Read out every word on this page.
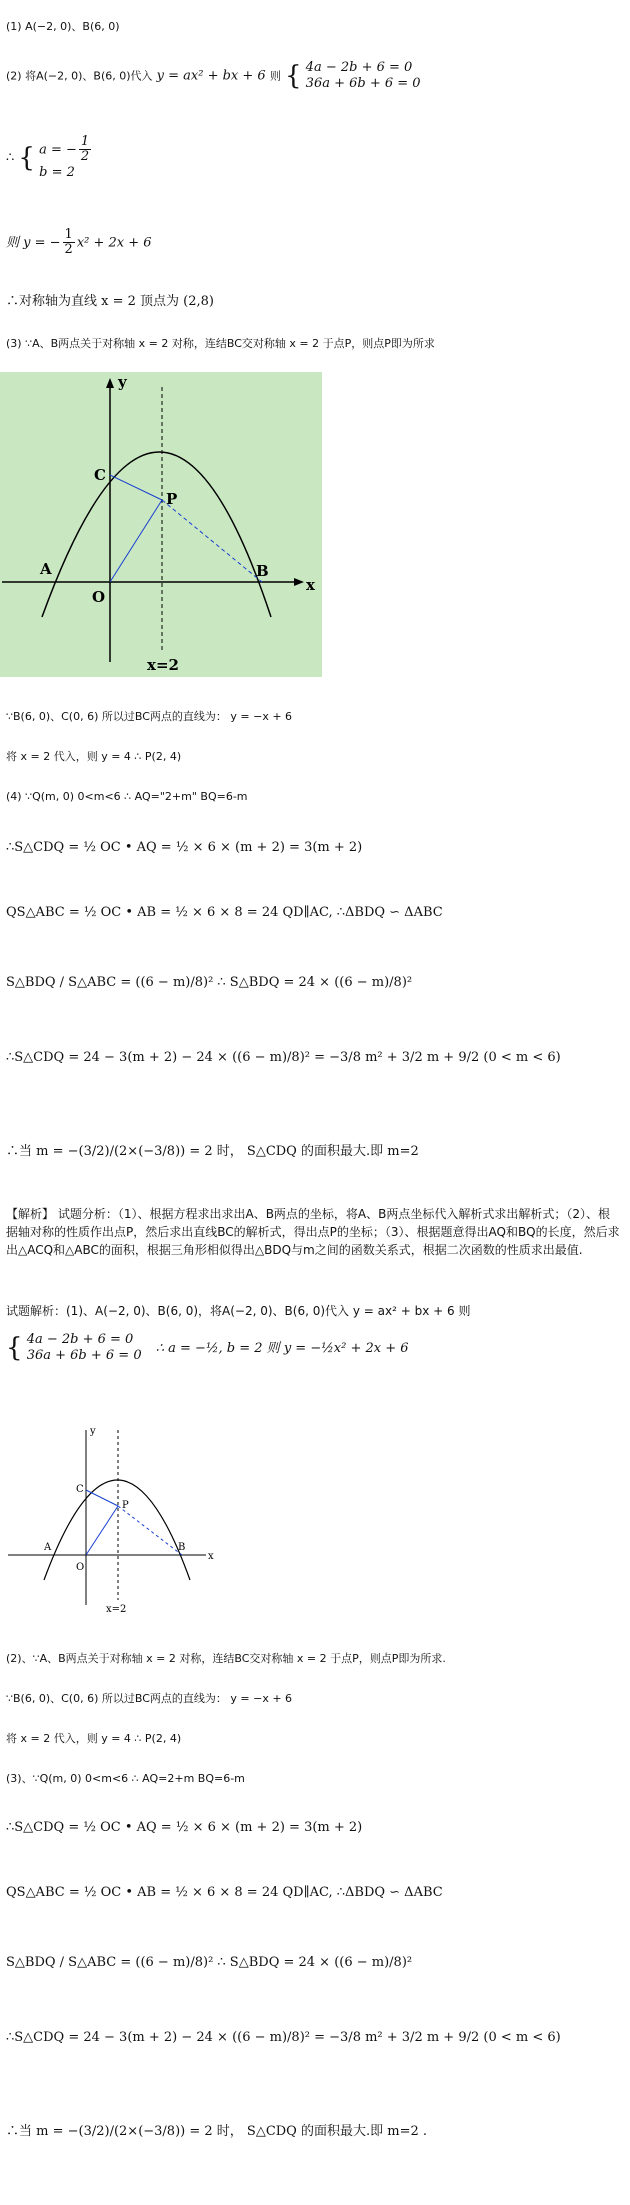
(1) A(−2, 0)、B(6, 0)
(2) 将A(−2, 0)、B(6, 0)代入 y = ax² + bx + 6 则 { 4a − 2b + 6 = 0
36a + 6b + 6 = 0
∴ { a = − $\frac{1}{2}$
b = 2
则 y = − $\frac{1}{2} x^2 + 2x + 6$
∴对称轴为直线 x = 2 顶点为 (2,8)
(3) ∵A、B两点关于对称轴 x = 2 对称，连结BC交对称轴 x = 2 于点P，则点P即为所求
y
x
A	B
C
O
P
x=2
∵B(6, 0)、C(0, 6) 所以过BC两点的直线为： y = −x + 6
将 x = 2 代入，则 y = 4 ∴ P(2, 4)
(4) ∵Q(m, 0) 0<m<6 ∴ AQ="2+m" BQ=6-m
∴S△CDQ = ½ OC • AQ = ½ × 6 × (m + 2) = 3(m + 2)
QS△ABC = ½ OC • AB = ½ × 6 × 8 = 24 QD∥AC, ∴ΔBDQ ∽ ΔABC
S△BDQ / S△ABC = ((6 − m)/8)² ∴ S△BDQ = 24 × ((6 − m)/8)²
∴S△CDQ = 24 − 3(m + 2) − 24 × ((6 − m)/8)² = −3/8 m² + 3/2 m + 9/2 (0 < m < 6)
∴当 m = −(3/2)/(2×(−3/8)) = 2 时， S△CDQ 的面积最大.即 m=2
【解析】 试题分析：（1）、根据方程求出求出A、B两点的坐标，将A、B两点坐标代入解析式求出解析式；（2）、根据轴对称的性质作出点P，然后求出直线BC的解析式，得出点P的坐标；（3）、根据题意得出AQ和BQ的长度，然后求出△ACQ和△ABC的面积，根据三角形相似得出△BDQ与m之间的函数关系式，根据二次函数的性质求出最值.
试题解析：(1)、A(−2, 0)、B(6, 0)，将A(−2, 0)、B(6, 0)代入 y = ax² + bx + 6 则
{ 4a − 2b + 6 = 0
36a + 6b + 6 = 0 ∴ a = −½, b = 2 则 y = −½x² + 2x + 6
y
x
A	B
C
O
P
x=2
(2)、∵A、B两点关于对称轴 x = 2 对称，连结BC交对称轴 x = 2 于点P，则点P即为所求.
∵B(6, 0)、C(0, 6) 所以过BC两点的直线为： y = −x + 6
将 x = 2 代入，则 y = 4 ∴ P(2, 4)
(3)、∵Q(m, 0) 0<m<6 ∴ AQ=2+m BQ=6-m
∴S△CDQ = ½ OC • AQ = ½ × 6 × (m + 2) = 3(m + 2)
QS△ABC = ½ OC • AB = ½ × 6 × 8 = 24 QD∥AC, ∴ΔBDQ ∽ ΔABC
S△BDQ / S△ABC = ((6 − m)/8)² ∴ S△BDQ = 24 × ((6 − m)/8)²
∴S△CDQ = 24 − 3(m + 2) − 24 × ((6 − m)/8)² = −3/8 m² + 3/2 m + 9/2 (0 < m < 6)
∴当 m = −(3/2)/(2×(−3/8)) = 2 时， S△CDQ 的面积最大.即 m=2 .
